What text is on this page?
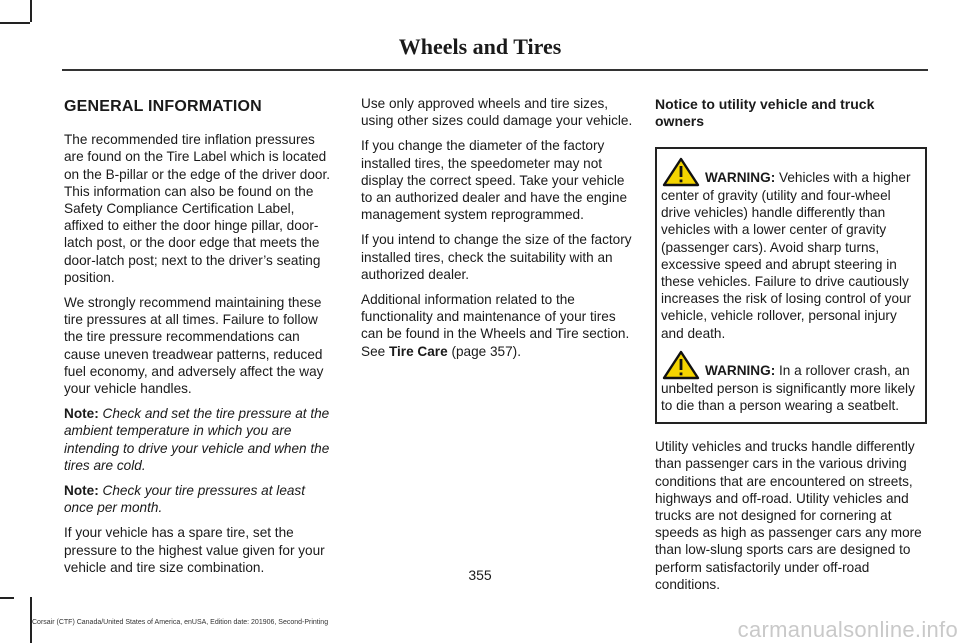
Wheels and Tires
GENERAL INFORMATION

The recommended tire inflation pressures are found on the Tire Label which is located on the B-pillar or the edge of the driver door. This information can also be found on the Safety Compliance Certification Label, affixed to either the door hinge pillar, door-latch post, or the door edge that meets the door-latch post; next to the driver’s seating position.

We strongly recommend maintaining these tire pressures at all times. Failure to follow the tire pressure recommendations can cause uneven treadwear patterns, reduced fuel economy, and adversely affect the way your vehicle handles.

Note: Check and set the tire pressure at the ambient temperature in which you are intending to drive your vehicle and when the tires are cold.

Note: Check your tire pressures at least once per month.

If your vehicle has a spare tire, set the pressure to the highest value given for your vehicle and tire size combination.

Use only approved wheels and tire sizes, using other sizes could damage your vehicle.

If you change the diameter of the factory installed tires, the speedometer may not display the correct speed. Take your vehicle to an authorized dealer and have the engine management system reprogrammed.

If you intend to change the size of the factory installed tires, check the suitability with an authorized dealer.

Additional information related to the functionality and maintenance of your tires can be found in the Wheels and Tire section. See Tire Care (page 357).

Notice to utility vehicle and truck owners

WARNING: Vehicles with a higher center of gravity (utility and four-wheel drive vehicles) handle differently than vehicles with a lower center of gravity (passenger cars). Avoid sharp turns, excessive speed and abrupt steering in these vehicles. Failure to drive cautiously increases the risk of losing control of your vehicle, vehicle rollover, personal injury and death.

WARNING: In a rollover crash, an unbelted person is significantly more likely to die than a person wearing a seatbelt.

Utility vehicles and trucks handle differently than passenger cars in the various driving conditions that are encountered on streets, highways and off-road. Utility vehicles and trucks are not designed for cornering at speeds as high as passenger cars any more than low-slung sports cars are designed to perform satisfactorily under off-road conditions.

355
Corsair (CTF) Canada/United States of America, enUSA, Edition date: 201906, Second-Printing	carmanualsonline.info
